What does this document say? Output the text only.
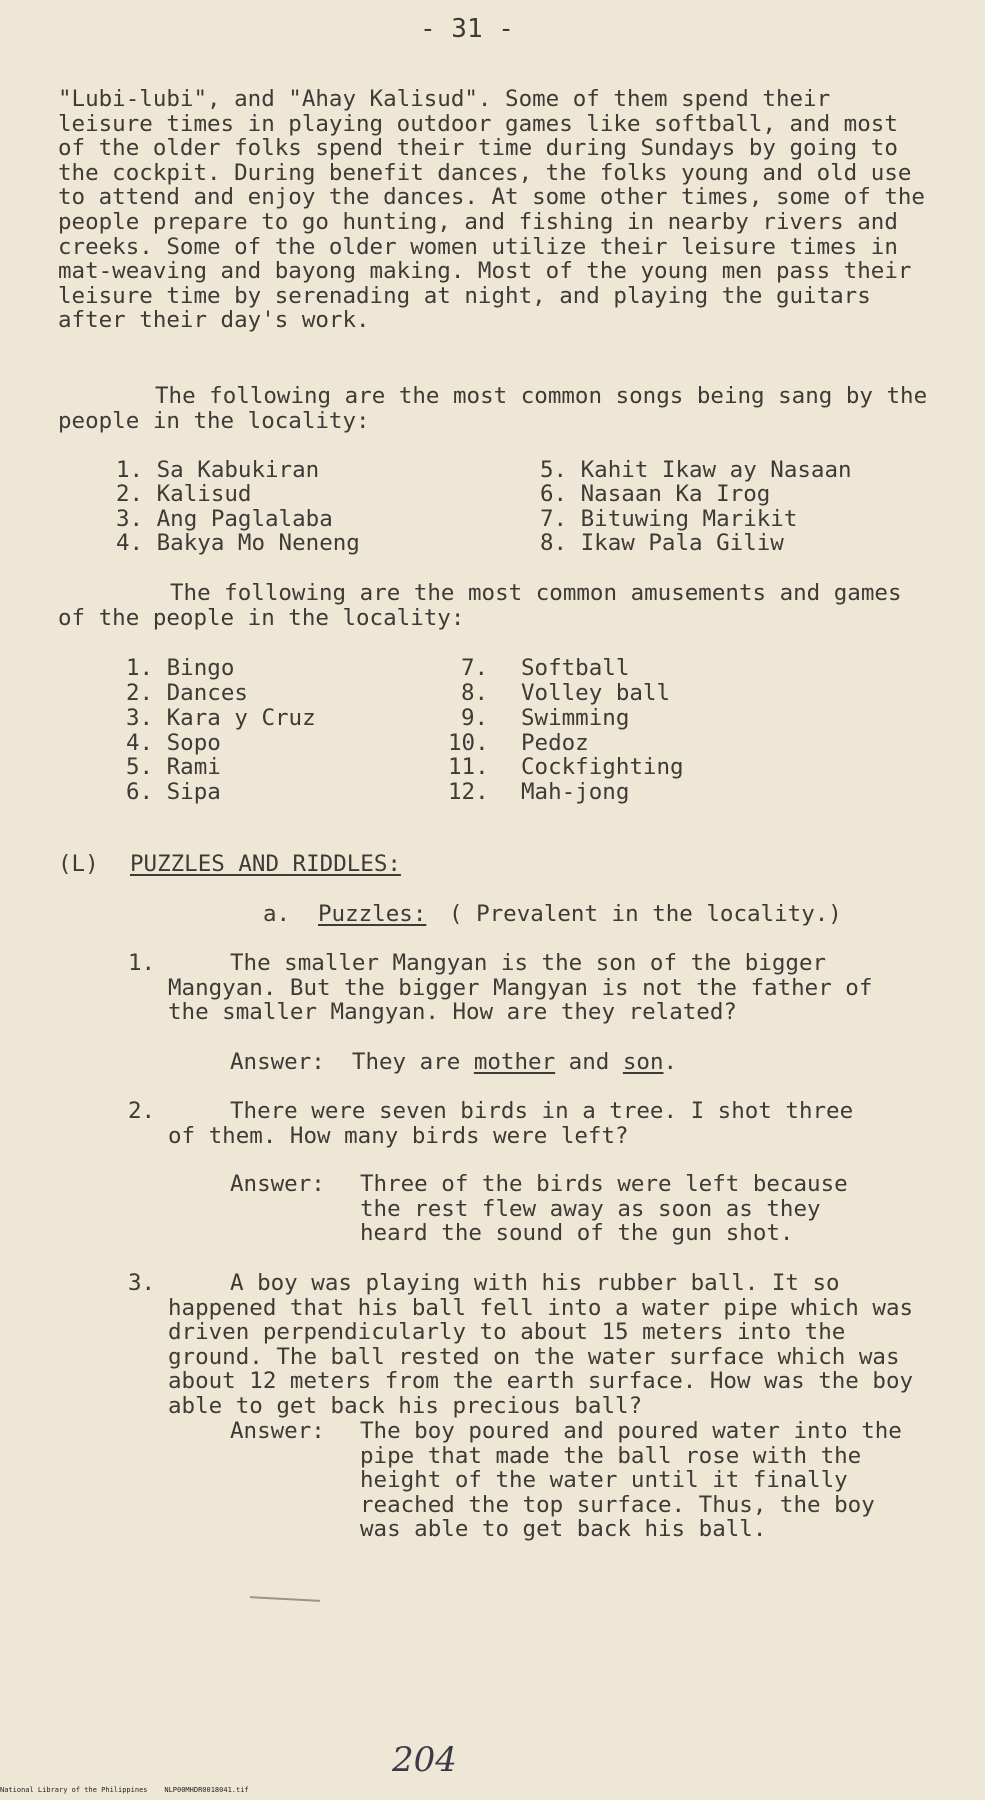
- 31 -
"Lubi-lubi", and "Ahay Kalisud". Some of them spend their leisure times in playing outdoor games like softball, and most of the older folks spend their time during Sundays by going to the cockpit. During benefit dances, the folks young and old use to attend and enjoy the dances. At some other times, some of the people prepare to go hunting, and fishing in nearby rivers and creeks. Some of the older women utilize their leisure times in mat-weaving and bayong making. Most of the young men pass their leisure time by serenading at night, and playing the guitars after their day's work.
The following are the most common songs being sang by the people in the locality:
1. Sa Kabukiran
2. Kalisud
3. Ang Paglalaba
4. Bakya Mo Neneng
5. Kahit Ikaw ay Nasaan
6. Nasaan Ka Irog
7. Bituwing Marikit
8. Ikaw Pala Giliw
The following are the most common amusements and games of the people in the locality:
1. Bingo
2. Dances
3. Kara y Cruz
4. Sopo
5. Rami
6. Sipa
7.
8.
9.
10.
11.
12.
Softball
Volley ball
Swimming
Pedoz
Cockfighting
Mah-jong
(L) PUZZLES AND RIDDLES:
a. Puzzles: ( Prevalent in the locality.)
1.	The smaller Mangyan is the son of the bigger Mangyan. But the bigger Mangyan is not the father of the smaller Mangyan. How are they related?
Answer: They are mother and son.
2.	There were seven birds in a tree. I shot three of them. How many birds were left?
Answer: Three of the birds were left because the rest flew away as soon as they heard the sound of the gun shot.
3.	A boy was playing with his rubber ball. It so happened that his ball fell into a water pipe which was driven perpendicularly to about 15 meters into the ground. The ball rested on the water surface which was about 12 meters from the earth surface. How was the boy able to get back his precious ball?
Answer: The boy poured and poured water into the pipe that made the ball rose with the height of the water until it finally reached the top surface. Thus, the boy was able to get back his ball.
204
National Library of the Philippines    NLP00MHDR0018041.tif
